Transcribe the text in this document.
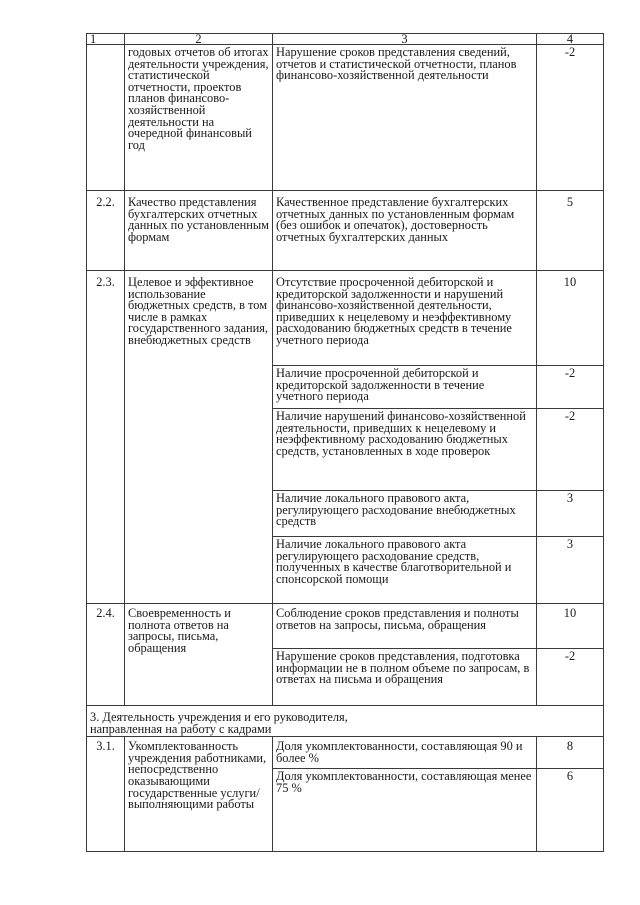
1	2	3	4
	годовых отчетов об итогах деятельности учреждения, статистической отчетности, проектов планов финансово-хозяйственной деятельности на очередной финансовый год	Нарушение сроков представления сведений, отчетов и статистической отчетности, планов финансово-хозяйственной деятельности	-2
2.2.	Качество представления бухгалтерских отчетных данных по установленным формам	Качественное представление бухгалтерских отчетных данных по установленным формам (без ошибок и опечаток), достоверность отчетных бухгалтерских данных	5
2.3.	Целевое и эффективное использование бюджетных средств, в том числе в рамках государственного задания, внебюджетных средств	Отсутствие просроченной дебиторской и кредиторской задолженности и нарушений финансово-хозяйственной деятельности, приведших к нецелевому и неэффективному расходованию бюджетных средств в течение учетного периода	10
		Наличие просроченной дебиторской и кредиторской задолженности в течение учетного периода	-2
		Наличие нарушений финансово-хозяйственной деятельности, приведших к нецелевому и неэффективному расходованию бюджетных средств, установленных в ходе проверок	-2
		Наличие локального правового акта, регулирующего расходование внебюджетных средств	3
		Наличие локального правового акта регулирующего расходование средств, полученных в качестве благотворительной и спонсорской помощи	3
2.4.	Своевременность и полнота ответов на запросы, письма, обращения	Соблюдение сроков представления и полноты ответов на запросы, письма, обращения	10
		Нарушение сроков представления, подготовка информации не в полном объеме по запросам, в ответах на письма и обращения	-2
3. Деятельность учреждения и его руководителя, направленная на работу с кадрами			
3.1.	Укомплектованность учреждения работниками, непосредственно оказывающими государственные услуги/ выполняющими работы	Доля укомплектованности, составляющая 90 и более %	8
		Доля укомплектованности, составляющая менее 75 %	6
